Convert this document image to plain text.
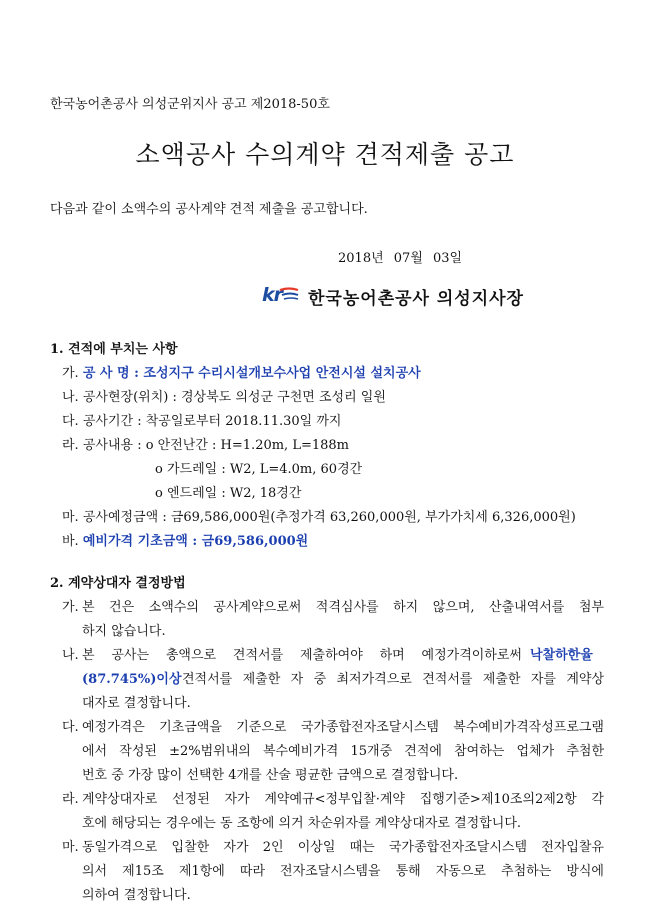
한국농어촌공사 의성군위지사 공고 제2018-50호
소액공사 수의계약 견적제출 공고
다음과 같이 소액수의 공사계약 견적 제출을 공고합니다.
2018년 07월 03일
kr 한국농어촌공사 의성지사장
1. 견적에 부치는 사항
가. 공 사 명 : 조성지구 수리시설개보수사업 안전시설 설치공사
나. 공사현장(위치) : 경상북도 의성군 구천면 조성리 일원
다. 공사기간 : 착공일로부터 2018.11.30일 까지
라. 공사내용 : o 안전난간 : H=1.20m, L=188m
o 가드레일 : W2, L=4.0m, 60경간
o 엔드레일 : W2, 18경간
마. 공사예정금액 : 금69,586,000원(추정가격 63,260,000원, 부가가치세 6,326,000원)
바. 예비가격 기초금액 : 금69,586,000원
2. 계약상대자 결정방법
가. 본 건은 소액수의 공사계약으로써 적격심사를 하지 않으며, 산출내역서를 첨부
하지 않습니다.
나. 본 공사는 총액으로 견적서를 제출하여야 하며 예정가격이하로써 낙찰하한율
(87.745%)이상 견적서를 제출한 자 중 최저가격으로 견적서를 제출한 자를 계약상
대자로 결정합니다.
다. 예정가격은 기초금액을 기준으로 국가종합전자조달시스템 복수예비가격작성프로그램
에서 작성된 ±2%범위내의 복수예비가격 15개중 견적에 참여하는 업체가 추첨한
번호 중 가장 많이 선택한 4개를 산술 평균한 금액으로 결정합니다.
라. 계약상대자로 선정된 자가 계약예규<정부입찰·계약 집행기준>제10조의2제2항 각
호에 해당되는 경우에는 동 조항에 의거 차순위자를 계약상대자로 결정합니다.
마. 동일가격으로 입찰한 자가 2인 이상일 때는 국가종합전자조달시스템 전자입찰유
의서 제15조 제1항에 따라 전자조달시스템을 통해 자동으로 추첨하는 방식에
의하여 결정합니다.
